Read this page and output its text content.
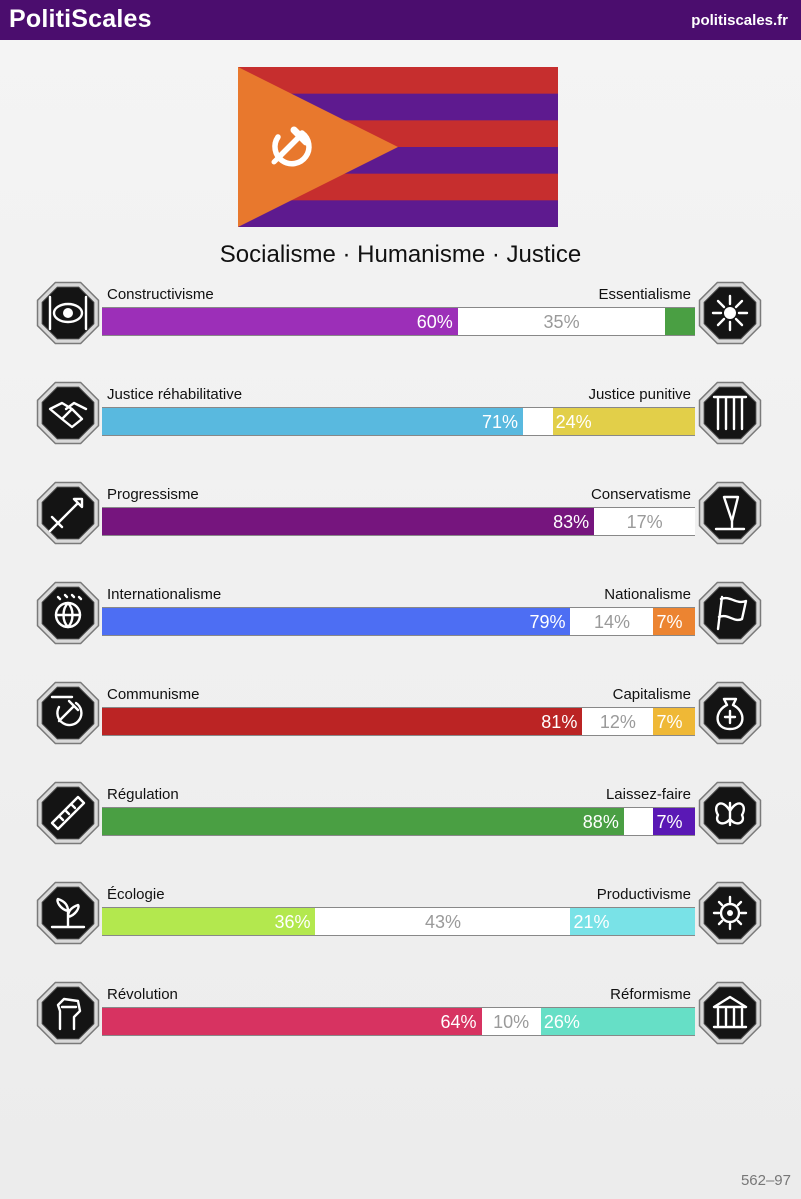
PolitiScales	politiscales.fr
Socialisme · Humanisme · Justice
Constructivisme	Essentialisme
60%	35%
Justice réhabilitative	Justice punitive
71% 24%
Progressisme	Conservatisme
83%	17%
Internationalisme	Nationalisme
79%	14%	7%
Communisme	Capitalisme
81%	12%	7%
Régulation	Laissez-faire
88% 7%
Écologie	Productivisme
36%	43%	21%
Révolution	Réformisme
64% 10% 26%
562–97
